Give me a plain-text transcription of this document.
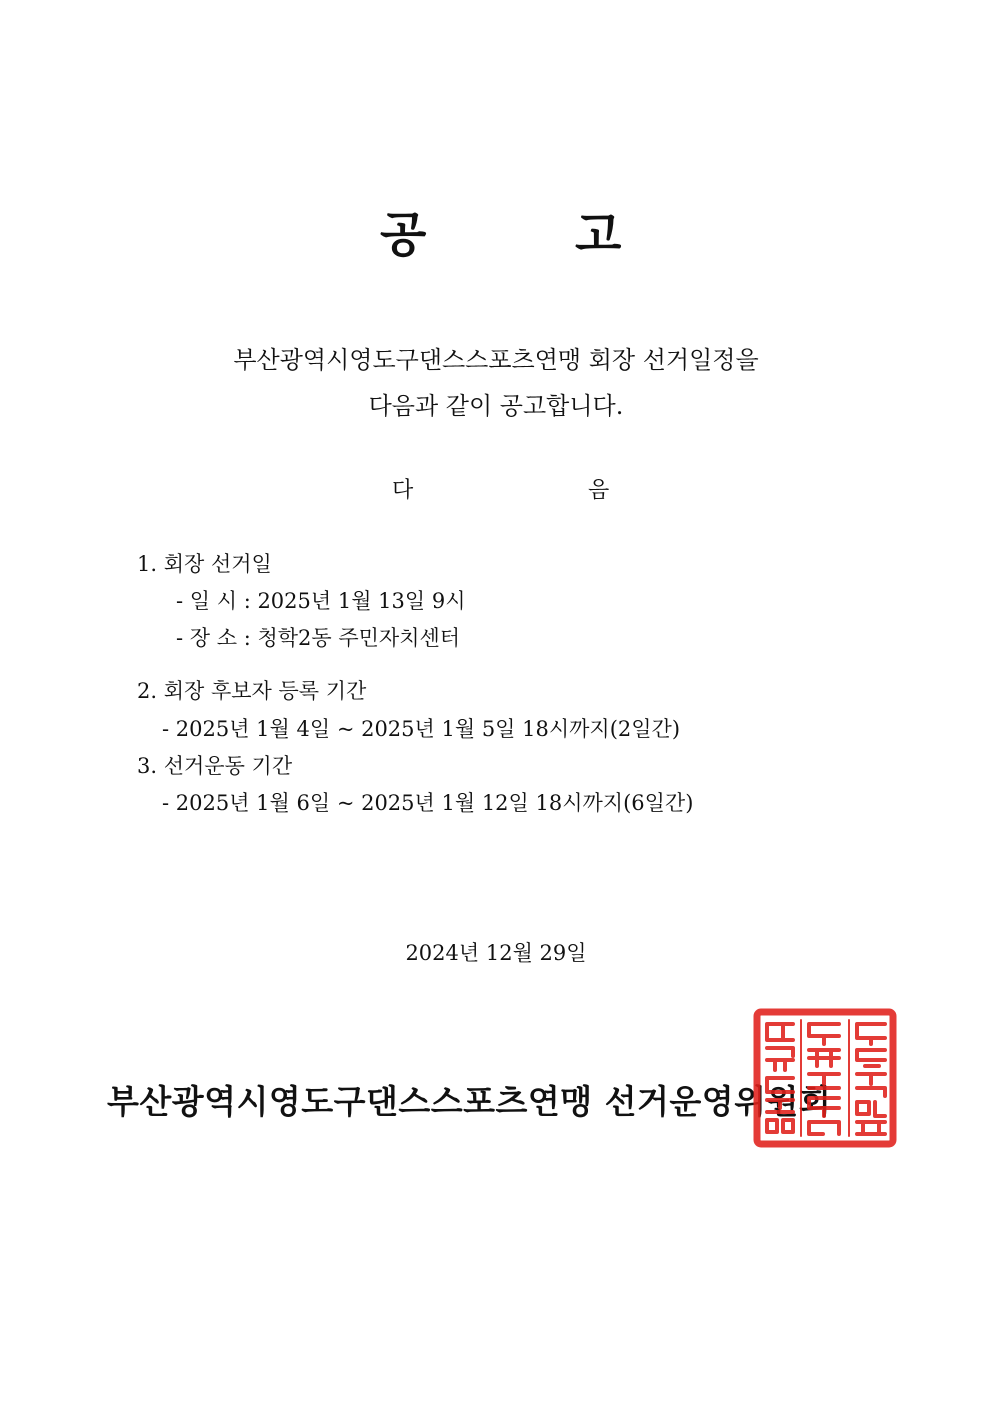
공	고
부산광역시영도구댄스스포츠연맹 회장 선거일정을
다음과 같이 공고합니다.
다	음
1. 회장 선거일
- 일 시 : 2025년 1월 13일 9시
- 장 소 : 청학2동 주민자치센터
2. 회장 후보자 등록 기간
- 2025년 1월 4일 ~ 2025년 1월 5일 18시까지(2일간)
3. 선거운동 기간
- 2025년 1월 6일 ~ 2025년 1월 12일 18시까지(6일간)
2024년 12월 29일
부산광역시영도구댄스스포츠연맹 선거운영위원회
